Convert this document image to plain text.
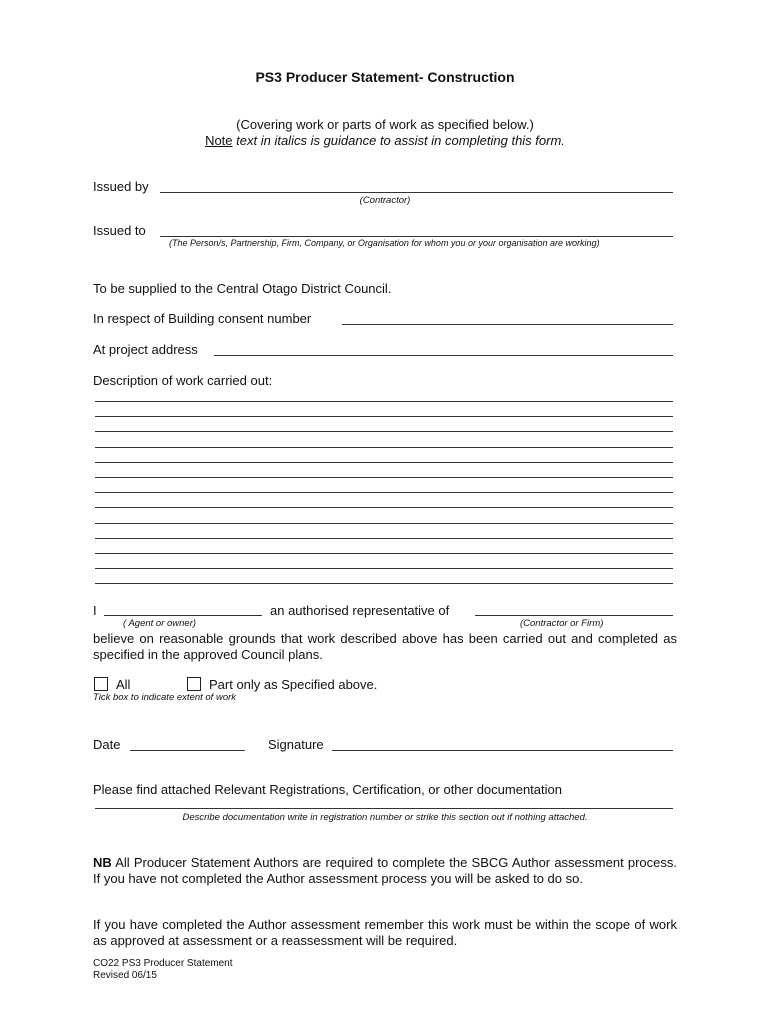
PS3 Producer Statement- Construction
(Covering work or parts of work as specified below.)
Note text in italics is guidance to assist in completing this form.
Issued by
(Contractor)
Issued to
(The Person/s, Partnership, Firm, Company, or Organisation for whom you or your organisation are working)
To be supplied to the Central Otago District Council.
In respect of Building consent number
At project address
Description of work carried out:
I	an authorised representative of
( Agent or owner)	(Contractor or Firm)
believe on reasonable grounds that work described above has been carried out and completed as specified in the approved Council plans.
All	Part only as Specified above.
Tick box to indicate extent of work
Date	Signature
Please find attached Relevant Registrations, Certification, or other documentation
Describe documentation write in registration number or strike this section out if nothing attached.
NB All Producer Statement Authors are required to complete the SBCG Author assessment process. If you have not completed the Author assessment process you will be asked to do so.
If you have completed the Author assessment remember this work must be within the scope of work as approved at assessment or a reassessment will be required.
CO22 PS3 Producer Statement
Revised 06/15
